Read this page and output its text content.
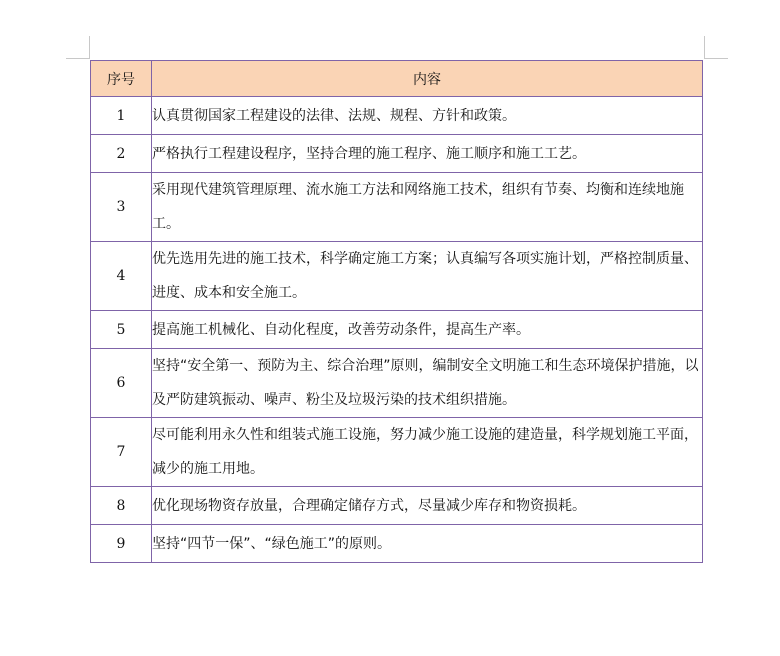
序号	内容
1	认真贯彻国家工程建设的法律、法规、规程、方针和政策。
2	严格执行工程建设程序，坚持合理的施工程序、施工顺序和施工工艺。
3	采用现代建筑管理原理、流水施工方法和网络施工技术，组织有节奏、均衡和连续地施工。
4	优先选用先进的施工技术，科学确定施工方案；认真编写各项实施计划，严格控制质量、进度、成本和安全施工。
5	提高施工机械化、自动化程度，改善劳动条件，提高生产率。
6	坚持“安全第一、预防为主、综合治理”原则，编制安全文明施工和生态环境保护措施，以及严防建筑振动、噪声、粉尘及垃圾污染的技术组织措施。
7	尽可能利用永久性和组装式施工设施，努力减少施工设施的建造量，科学规划施工平面，减少的施工用地。
8	优化现场物资存放量，合理确定储存方式，尽量减少库存和物资损耗。
9	坚持“四节一保”、“绿色施工”的原则。
